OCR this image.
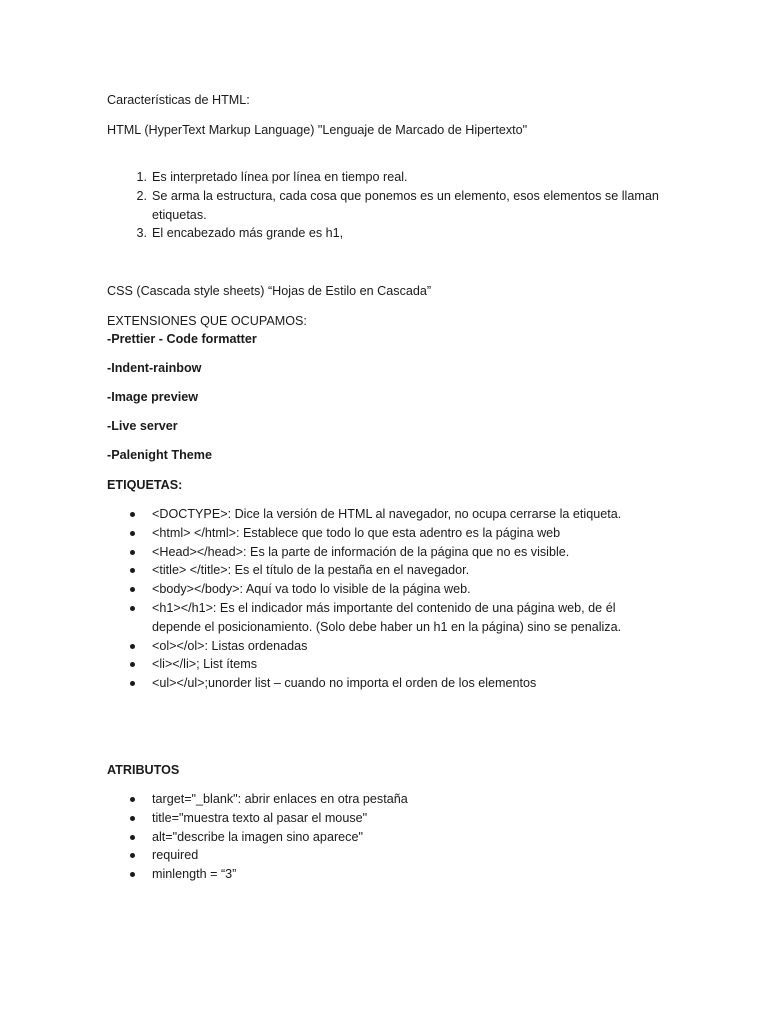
Características de HTML:

HTML (HyperText Markup Language) "Lenguaje de Marcado de Hipertexto"

1. Es interpretado línea por línea en tiempo real.
2. Se arma la estructura, cada cosa que ponemos es un elemento, esos elementos se llaman etiquetas.
3. El encabezado más grande es h1,

CSS (Cascada style sheets) “Hojas de Estilo en Cascada”

EXTENSIONES QUE OCUPAMOS:

-Prettier - Code formatter

-Indent-rainbow

-Image preview

-Live server

-Palenight Theme

ETIQUETAS:

<DOCTYPE>: Dice la versión de HTML al navegador, no ocupa cerrarse la etiqueta.
<html> </html>: Establece que todo lo que esta adentro es la página web
<Head></head>: Es la parte de información de la página que no es visible.
<title> </title>: Es el título de la pestaña en el navegador.
<body></body>: Aquí va todo lo visible de la página web.
<h1></h1>: Es el indicador más importante del contenido de una página web, de él depende el posicionamiento. (Solo debe haber un h1 en la página) sino se penaliza.
<ol></ol>: Listas ordenadas
<li></li>; List ítems
<ul></ul>;unorder list – cuando no importa el orden de los elementos

ATRIBUTOS

target="_blank": abrir enlaces en otra pestaña
title="muestra texto al pasar el mouse"
alt="describe la imagen sino aparece"
required
minlength = “3”
